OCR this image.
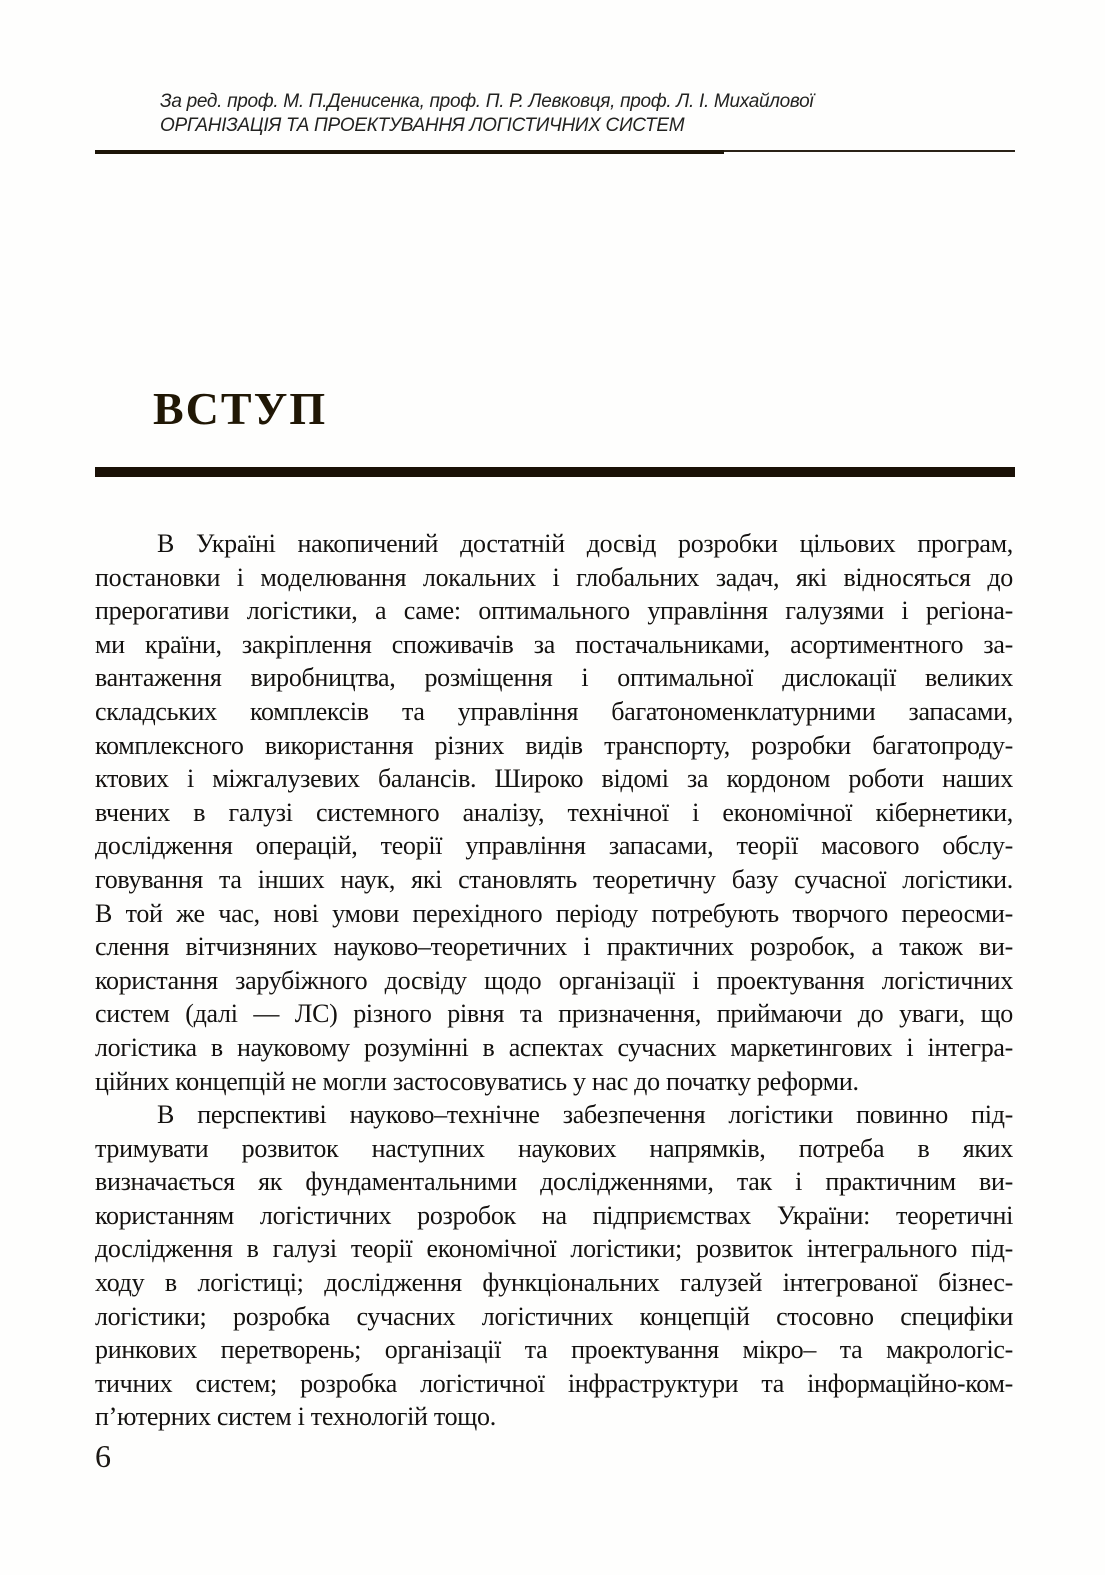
За ред. проф. М. П.Денисенка, проф. П. Р. Левковця, проф. Л. І. Михайлової
ОРГАНІЗАЦІЯ ТА ПРОЕКТУВАННЯ ЛОГІСТИЧНИХ СИСТЕМ
ВСТУП
В Україні накопичений достатній досвід розробки цільових програм,
постановки і моделювання локальних і глобальних задач, які відносяться до
прерогативи логістики, а саме: оптимального управління галузями і регіона-
ми країни, закріплення споживачів за постачальниками, асортиментного за-
вантаження виробництва, розміщення і оптимальної дислокації великих
складських комплексів та управління багатономенклатурними запасами,
комплексного використання різних видів транспорту, розробки багатопроду-
ктових і міжгалузевих балансів. Широко відомі за кордоном роботи наших
вчених в галузі системного аналізу, технічної і економічної кібернетики,
дослідження операцій, теорії управління запасами, теорії масового обслу-
говування та інших наук, які становлять теоретичну базу сучасної логістики.
В той же час, нові умови перехідного періоду потребують творчого переосми-
слення вітчизняних науково–теоретичних і практичних розробок, а також ви-
користання зарубіжного досвіду щодо організації і проектування логістичних
систем (далі — ЛС) різного рівня та призначення, приймаючи до уваги, що
логістика в науковому розумінні в аспектах сучасних маркетингових і інтегра-
ційних концепцій не могли застосовуватись у нас до початку реформи.
В перспективі науково–технічне забезпечення логістики повинно під-
тримувати розвиток наступних наукових напрямків, потреба в яких
визначається як фундаментальними дослідженнями, так і практичним ви-
користанням логістичних розробок на підприємствах України: теоретичні
дослідження в галузі теорії економічної логістики; розвиток інтегрального під-
ходу в логістиці; дослідження функціональних галузей інтегрованої бізнес-
логістики; розробка сучасних логістичних концепцій стосовно специфіки
ринкових перетворень; організації та проектування мікро– та макрологіс-
тичних систем; розробка логістичної інфраструктури та інформаційно-ком-
п’ютерних систем і технологій тощо.
6
